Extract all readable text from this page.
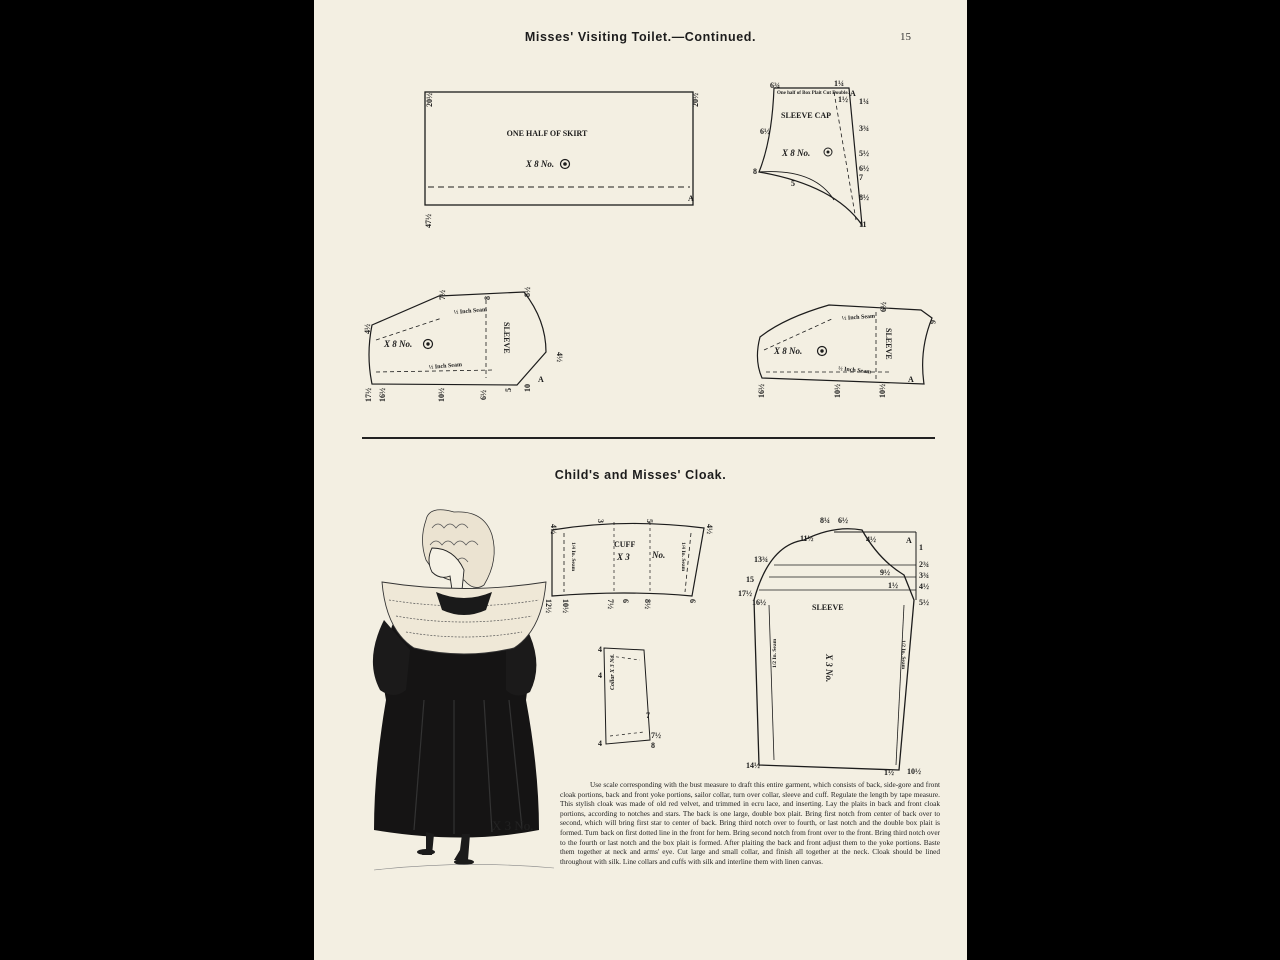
Misses' Visiting Toilet.—Continued.	15
ONE HALF OF SKIRT
X 8 No.
A
20½	20½
47½
One half of Box Plait Cut Double.
SLEEVE CAP
X 8 No.
A
6¾	1¼
1½ 1¼
6½	3¾
5½
6½
7
8
5
8½
11
X 8 No.	SLEEVE
½ Inch Seam
½ Inch Seam
4½
7½	8
8½
4½
17½ 16½	10½	6½ 5 10
A
X 8 No.	SLEEVE
½ Inch Seam
½ Inch Seam
6½
6
16½	10½	10½
A
CUFF
X 3 No.
1/4 In. Seam	1/4 In. Seam
4½
3	5
4½
12½ 10½	7½ 6 8½	6
Collar X 3 No.
4
4
4
7
7½
8
SLEEVE
X 3 No.
1/2 In. Seam	1/2 In. Seam
A
8¼ 6½
11½	4½
1
13¾
2¾
3¾
15
4½
17½
16½	5½
14½
1½ 10½
9½
1½
X 3 No.
Child's and Misses' Cloak.
Use scale corresponding with the bust measure to draft this entire garment, which consists of back, side-gore and front cloak portions, back and front yoke portions, sailor collar, turn over collar, sleeve and cuff. Regulate the length by tape measure. This stylish cloak was made of old red velvet, and trimmed in ecru lace, and inserting. Lay the plaits in back and front cloak portions, according to notches and stars. The back is one large, double box plait. Bring first notch from center of back over to second, which will bring first star to center of back. Bring third notch over to fourth, or last notch and the double box plait is formed. Turn back on first dotted line in the front for hem. Bring second notch from front over to the front. Bring third notch over to the fourth or last notch and the box plait is formed. After plaiting the back and front adjust them to the yoke portions. Baste them together at neck and arms' eye. Cut large and small collar, and finish all together at the neck. Cloak should be lined throughout with silk. Line collars and cuffs with silk and interline them with linen canvas.
